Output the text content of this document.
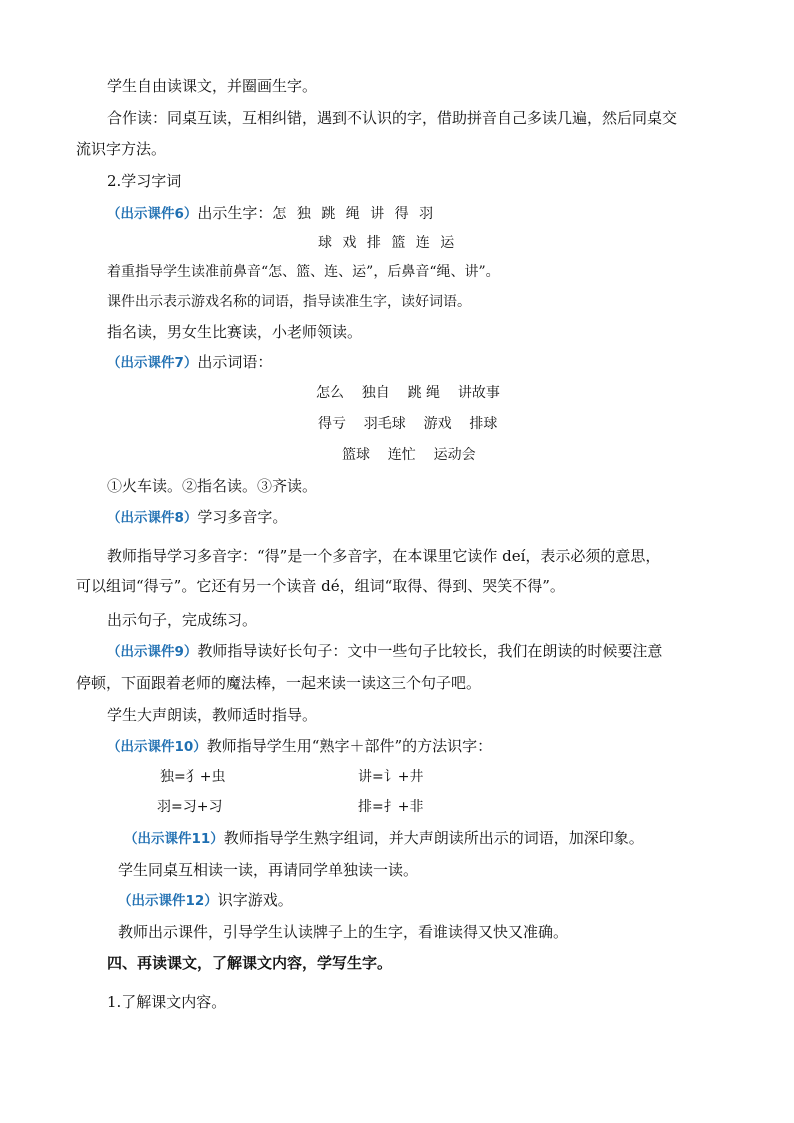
学生自由读课文，并圈画生字。
合作读：同桌互读，互相纠错，遇到不认识的字，借助拼音自己多读几遍，然后同桌交
流识字方法。
2.学习字词
（出示课件6）出示生字：怎 独 跳 绳 讲 得 羽
球 戏 排 篮 连 运
着重指导学生读准前鼻音“怎、篮、连、运”，后鼻音“绳、讲”。
课件出示表示游戏名称的词语，指导读准生字，读好词语。
指名读，男女生比赛读，小老师领读。
（出示课件7）出示词语：
怎么    独自    跳 绳    讲故事
得亏    羽毛球    游戏    排球
篮球    连忙    运动会
①火车读。②指名读。③齐读。
（出示课件8）学习多音字。
教师指导学习多音字：“得”是一个多音字，在本课里它读作 deí，表示必须的意思，
可以组词“得亏”。它还有另一个读音 dé，组词“取得、得到、哭笑不得”。
出示句子，完成练习。
（出示课件9）教师指导读好长句子：文中一些句子比较长，我们在朗读的时候要注意
停顿，下面跟着老师的魔法棒，一起来读一读这三个句子吧。
学生大声朗读，教师适时指导。
（出示课件10）教师指导学生用“熟字＋部件”的方法识字：
独=犭+虫	讲=讠+井
羽=习+习	排=扌+非
（出示课件11）教师指导学生熟字组词，并大声朗读所出示的词语，加深印象。
学生同桌互相读一读，再请同学单独读一读。
（出示课件12）识字游戏。
教师出示课件，引导学生认读牌子上的生字，看谁读得又快又准确。
四、再读课文，了解课文内容，学写生字。
1.了解课文内容。
